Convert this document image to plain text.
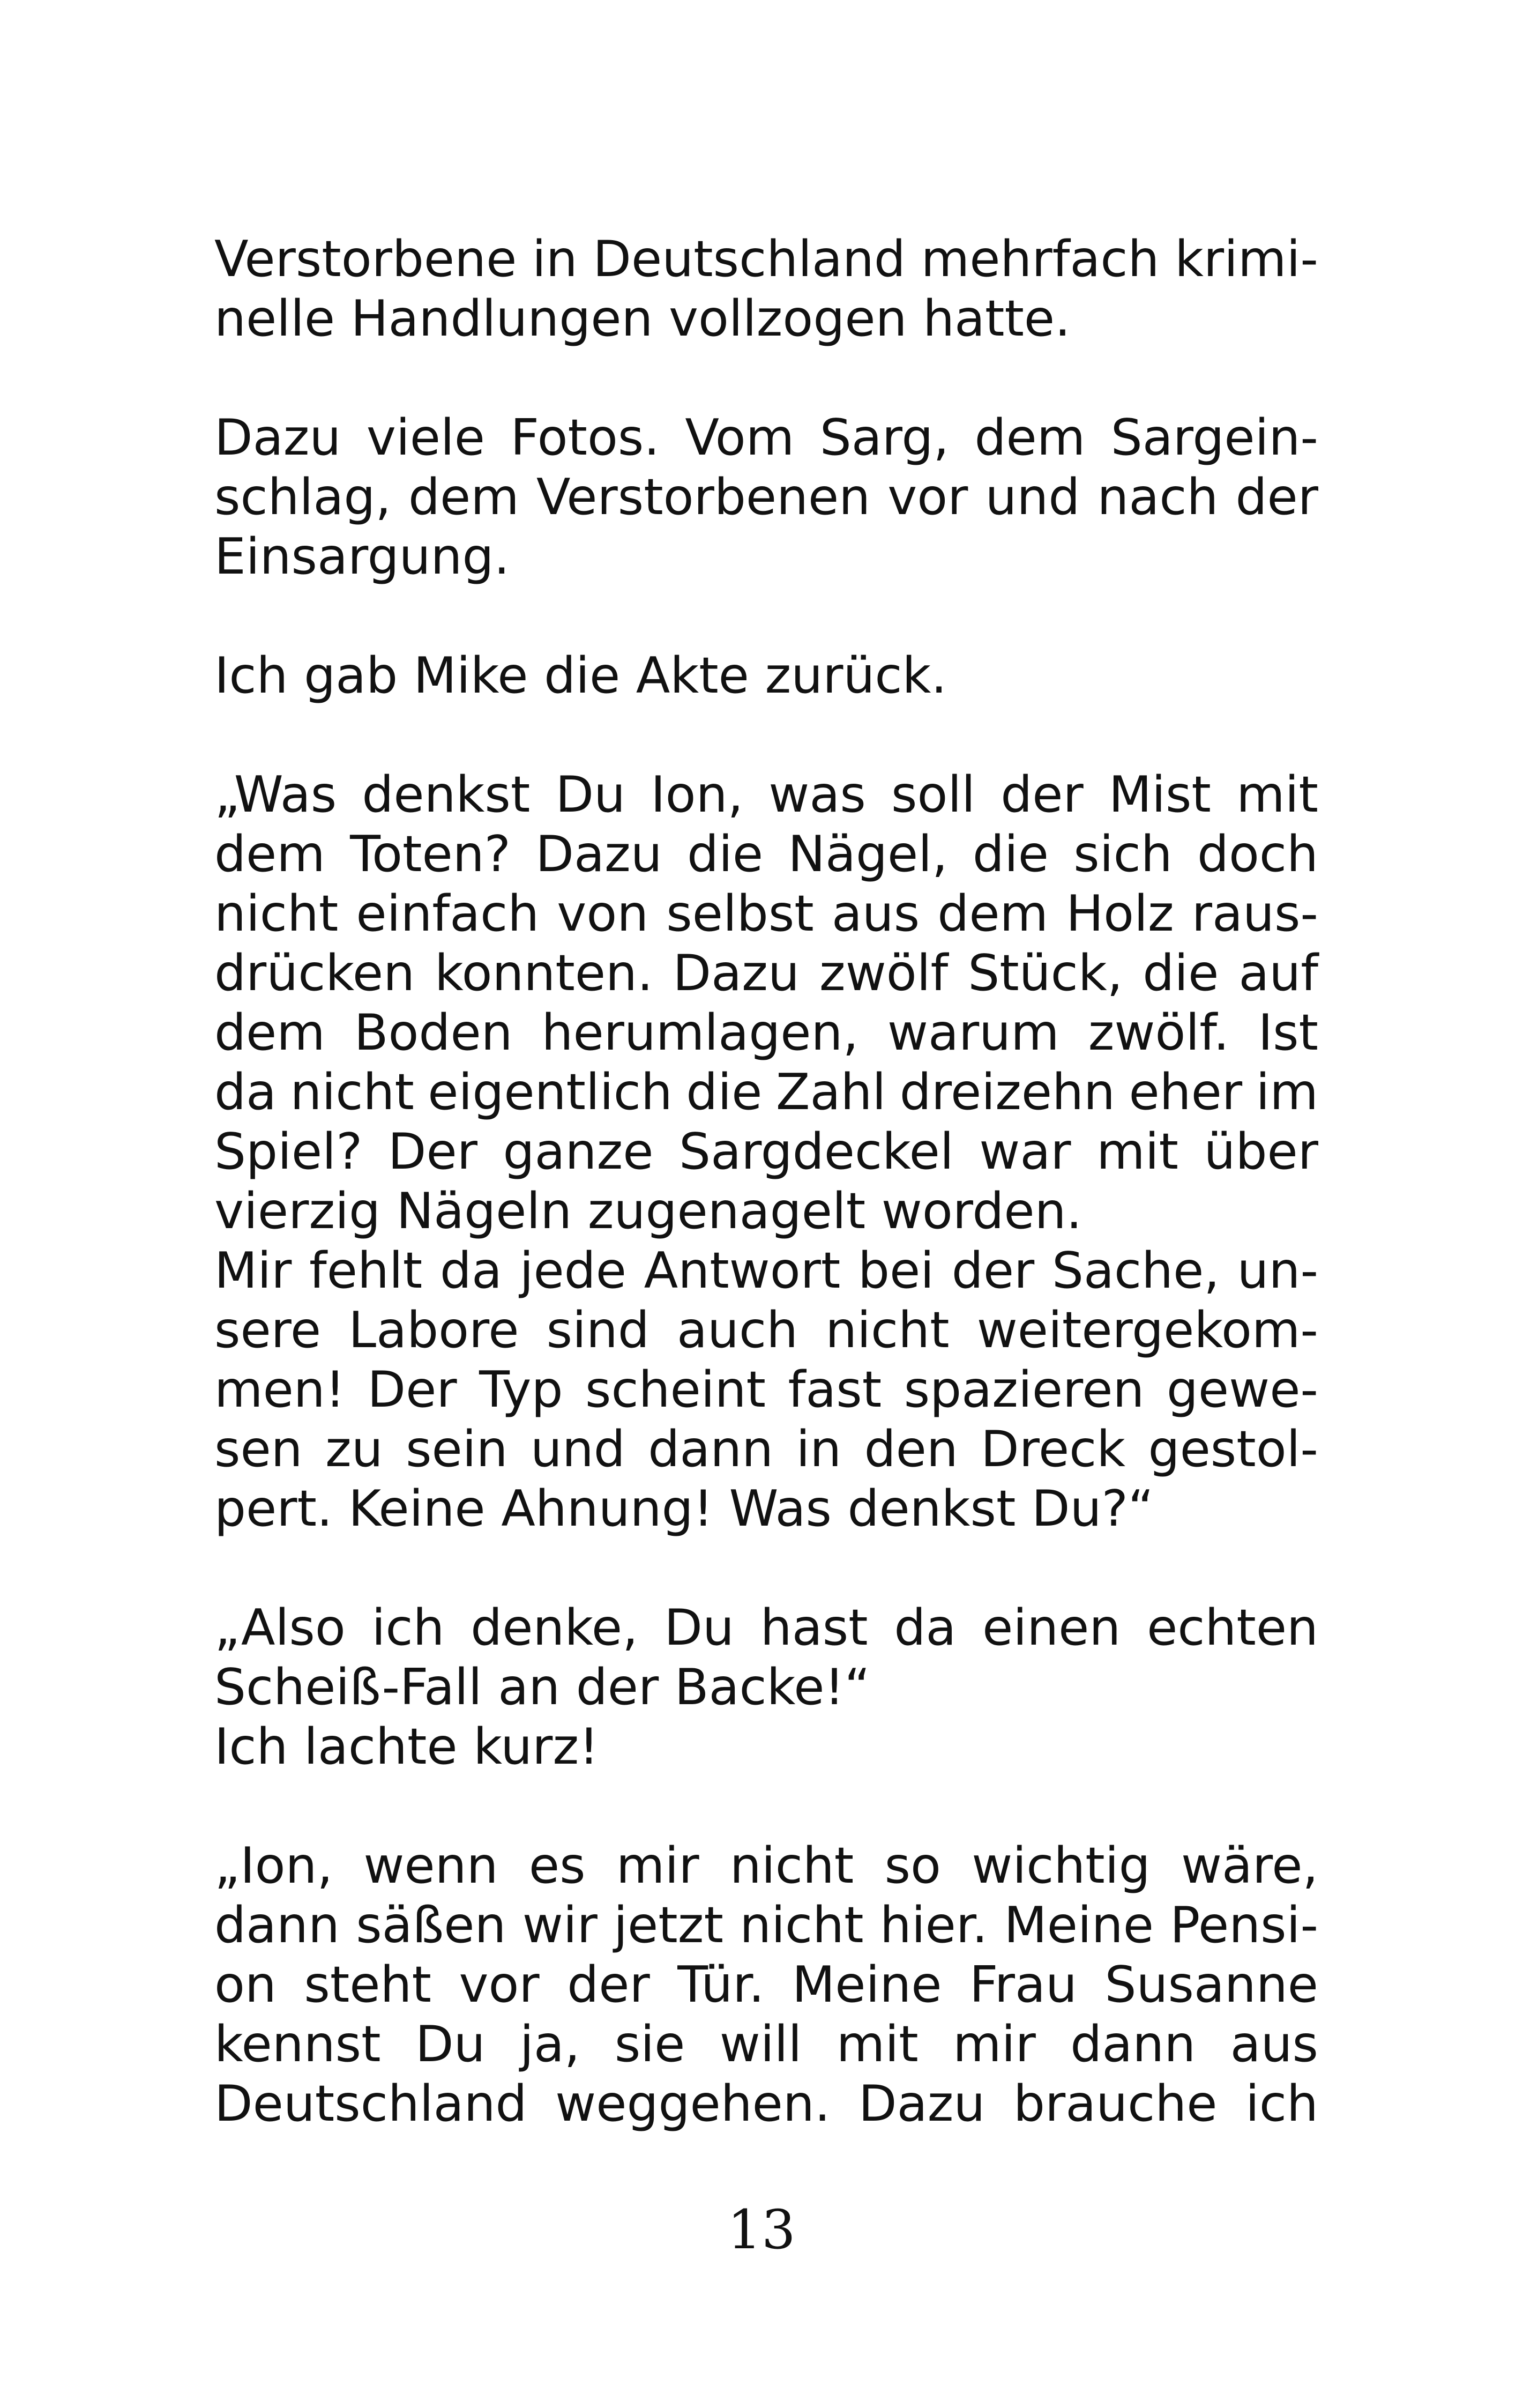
Verstorbene in Deutschland mehrfach krimi-
nelle Handlungen vollzogen hatte.
Dazu viele Fotos. Vom Sarg, dem Sargein-
schlag, dem Verstorbenen vor und nach der
Einsargung.
Ich gab Mike die Akte zurück.
„Was denkst Du Ion, was soll der Mist mit
dem Toten? Dazu die Nägel, die sich doch
nicht einfach von selbst aus dem Holz raus-
drücken konnten. Dazu zwölf Stück, die auf
dem Boden herumlagen, warum zwölf. Ist
da nicht eigentlich die Zahl dreizehn eher im
Spiel? Der ganze Sargdeckel war mit über
vierzig Nägeln zugenagelt worden.
Mir fehlt da jede Antwort bei der Sache, un-
sere Labore sind auch nicht weitergekom-
men! Der Typ scheint fast spazieren gewe-
sen zu sein und dann in den Dreck gestol-
pert. Keine Ahnung! Was denkst Du?“
„Also ich denke, Du hast da einen echten
Scheiß-Fall an der Backe!“
Ich lachte kurz!
„Ion, wenn es mir nicht so wichtig wäre,
dann säßen wir jetzt nicht hier. Meine Pensi-
on steht vor der Tür. Meine Frau Susanne
kennst Du ja, sie will mit mir dann aus
Deutschland weggehen. Dazu brauche ich
13
